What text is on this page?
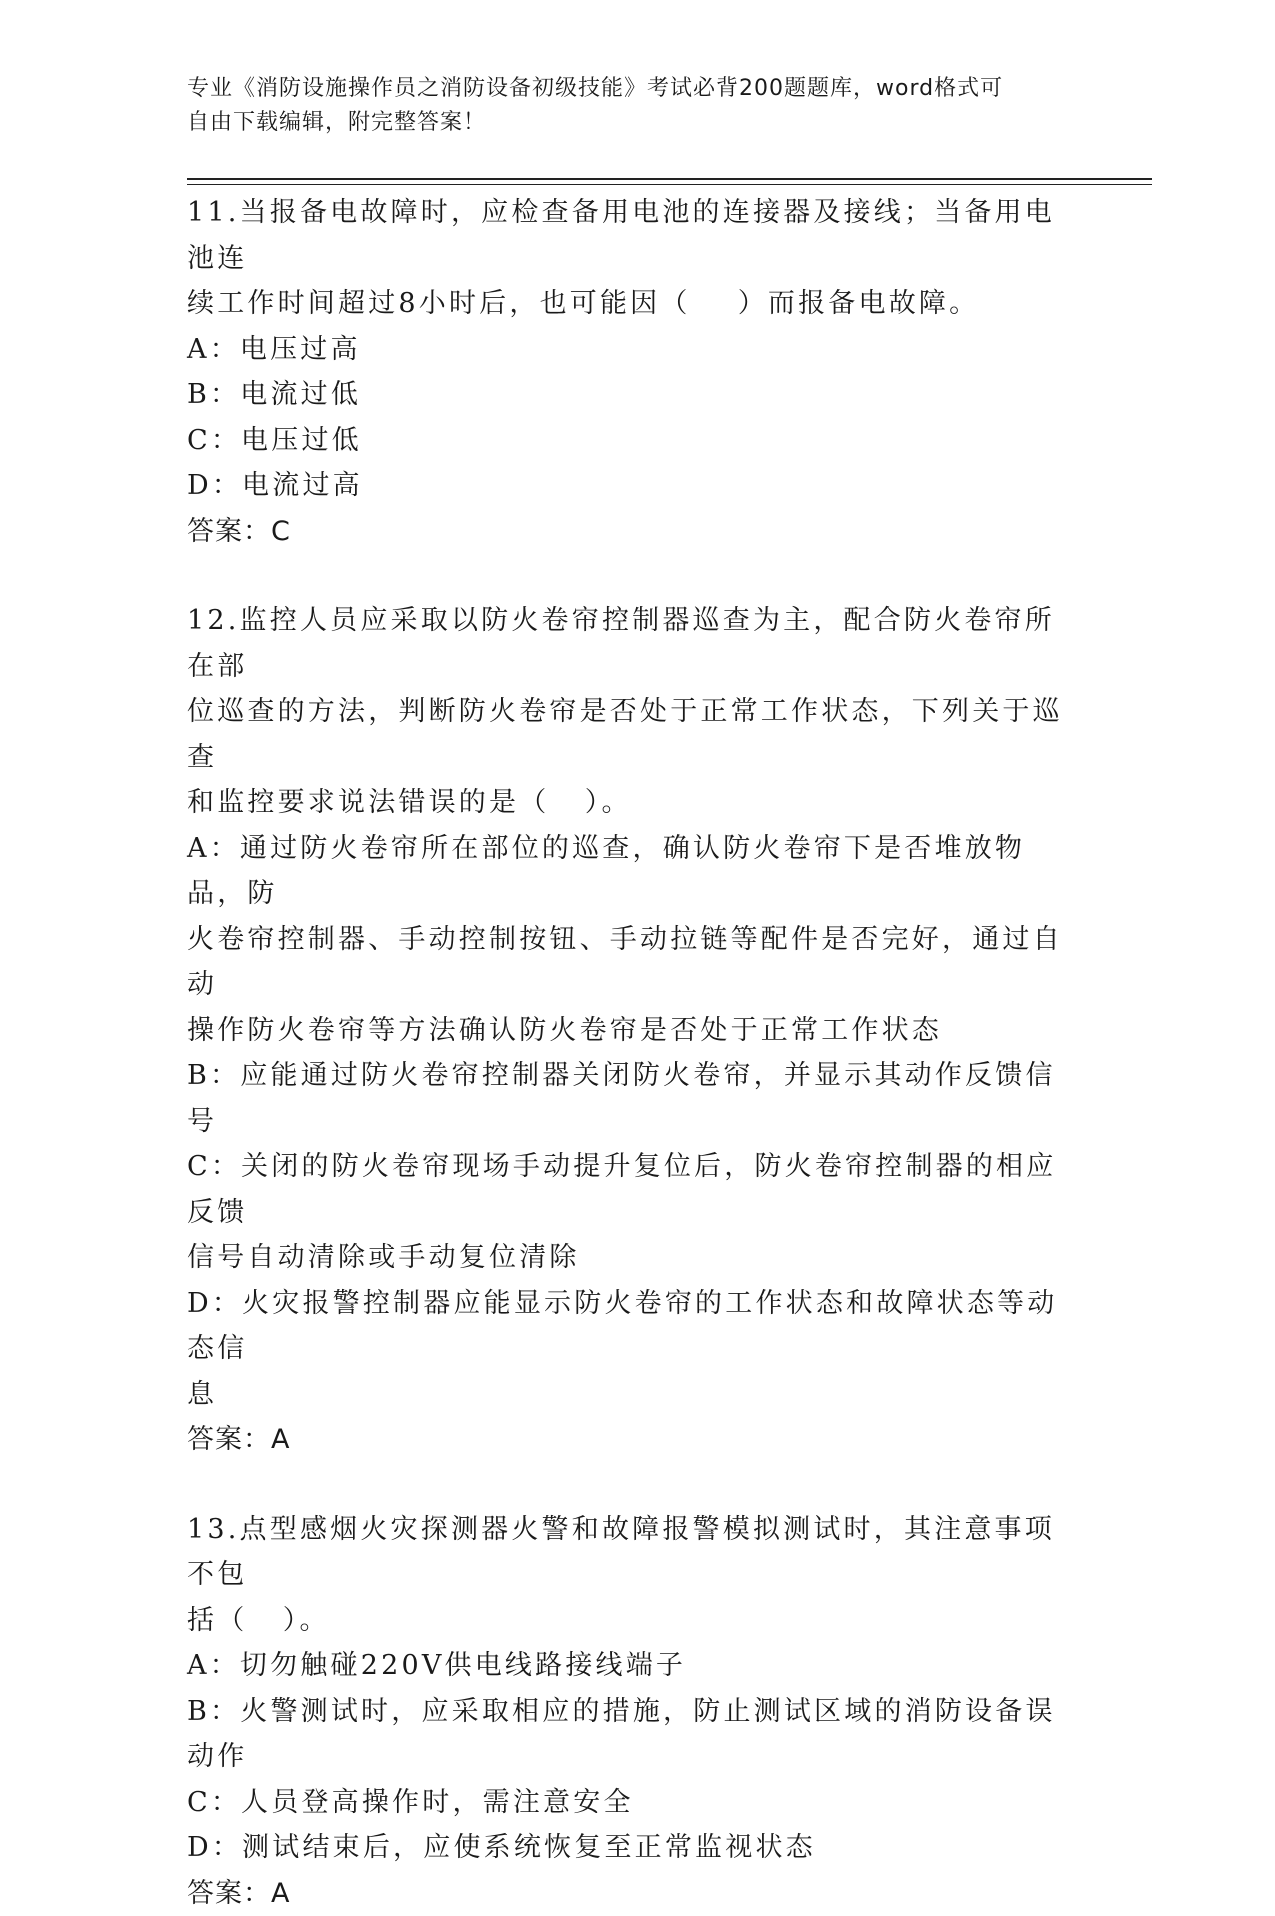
专业《消防设施操作员之消防设备初级技能》考试必背200题题库，word格式可
自由下载编辑，附完整答案！
11.当报备电故障时，应检查备用电池的连接器及接线；当备用电池连
续工作时间超过8小时后，也可能因（    ）而报备电故障。
A：电压过高
B：电流过低
C：电压过低
D：电流过高
答案：C
12.监控人员应采取以防火卷帘控制器巡查为主，配合防火卷帘所在部
位巡查的方法，判断防火卷帘是否处于正常工作状态，下列关于巡查
和监控要求说法错误的是（   ）。
A：通过防火卷帘所在部位的巡查，确认防火卷帘下是否堆放物品，防
火卷帘控制器、手动控制按钮、手动拉链等配件是否完好，通过自动
操作防火卷帘等方法确认防火卷帘是否处于正常工作状态
B：应能通过防火卷帘控制器关闭防火卷帘，并显示其动作反馈信号
C：关闭的防火卷帘现场手动提升复位后，防火卷帘控制器的相应反馈
信号自动清除或手动复位清除
D：火灾报警控制器应能显示防火卷帘的工作状态和故障状态等动态信
息
答案：A
13.点型感烟火灾探测器火警和故障报警模拟测试时，其注意事项不包
括（   ）。
A：切勿触碰220V供电线路接线端子
B：火警测试时，应采取相应的措施，防止测试区域的消防设备误动作
C：人员登高操作时，需注意安全
D：测试结束后，应使系统恢复至正常监视状态
答案：A
